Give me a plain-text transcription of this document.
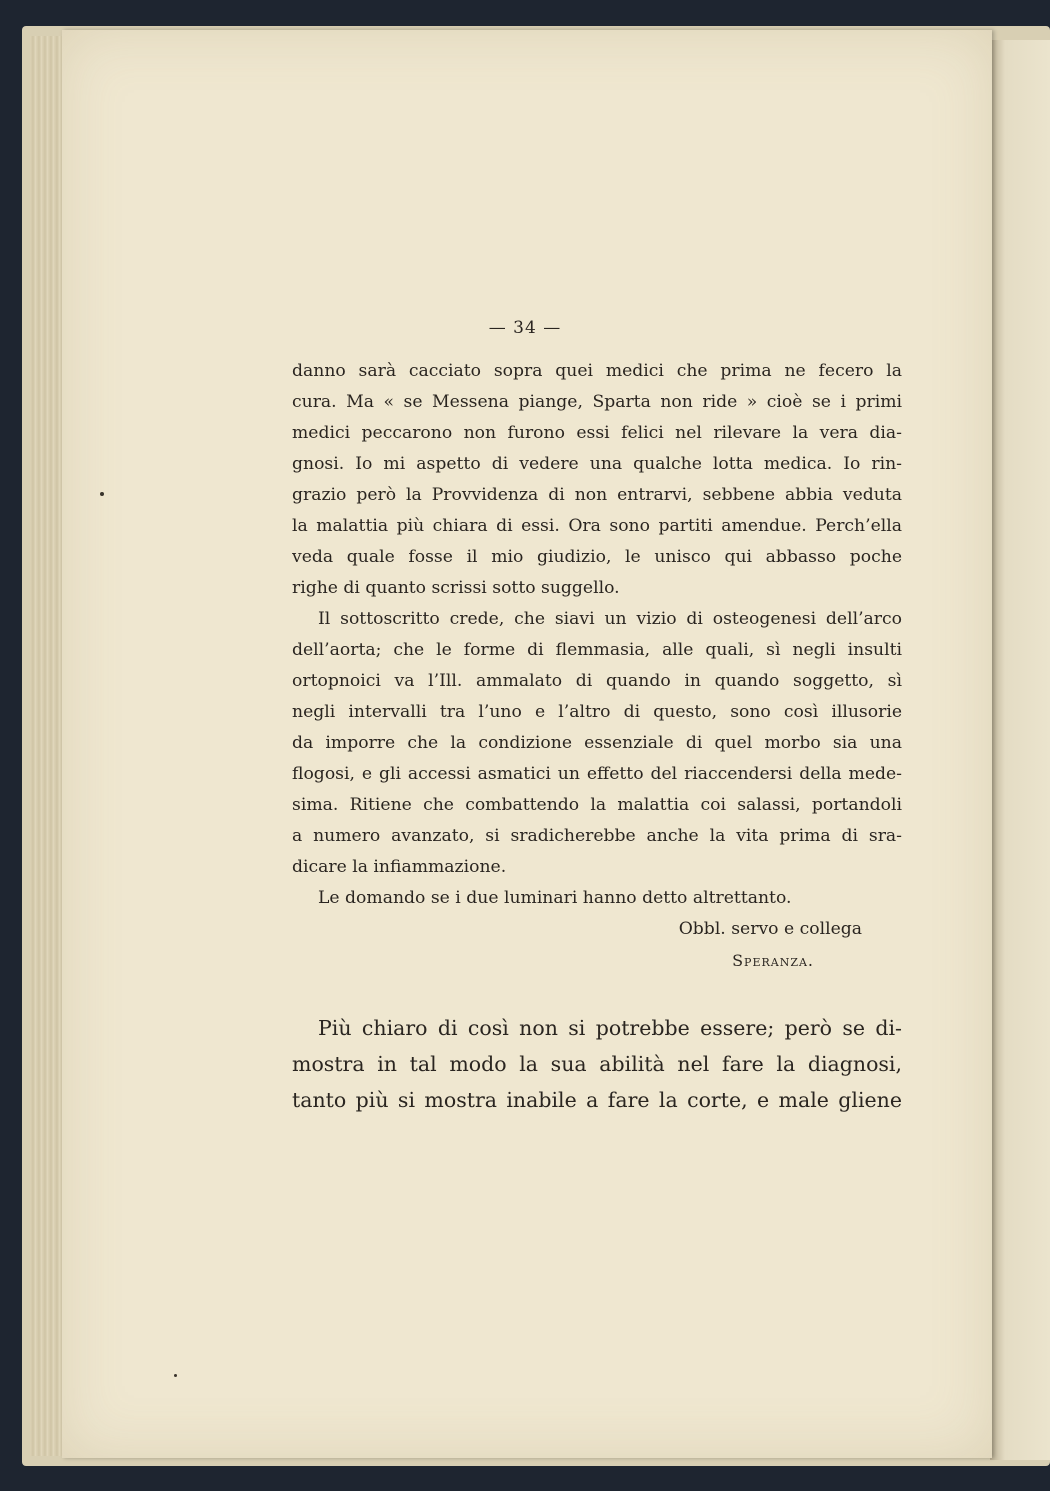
— 34 —
danno sarà cacciato sopra quei medici che prima ne fecero la
cura. Ma « se Messena piange, Sparta non ride » cioè se i primi
medici peccarono non furono essi felici nel rilevare la vera dia-
gnosi. Io mi aspetto di vedere una qualche lotta medica. Io rin-
grazio però la Provvidenza di non entrarvi, sebbene abbia veduta
la malattia più chiara di essi. Ora sono partiti amendue. Perch’ella
veda quale fosse il mio giudizio, le unisco qui abbasso poche
righe di quanto scrissi sotto suggello.
Il sottoscritto crede, che siavi un vizio di osteogenesi dell’arco
dell’aorta; che le forme di flemmasia, alle quali, sì negli insulti
ortopnoici va l’Ill. ammalato di quando in quando soggetto, sì
negli intervalli tra l’uno e l’altro di questo, sono così illusorie
da imporre che la condizione essenziale di quel morbo sia una
flogosi, e gli accessi asmatici un effetto del riaccendersi della mede-
sima. Ritiene che combattendo la malattia coi salassi, portandoli
a numero avanzato, si sradicherebbe anche la vita prima di sra-
dicare la infiammazione.
Le domando se i due luminari hanno detto altrettanto.
Obbl. servo e collega
Speranza.
Più chiaro di così non si potrebbe essere; però se di-
mostra in tal modo la sua abilità nel fare la diagnosi,
tanto più si mostra inabile a fare la corte, e male gliene
